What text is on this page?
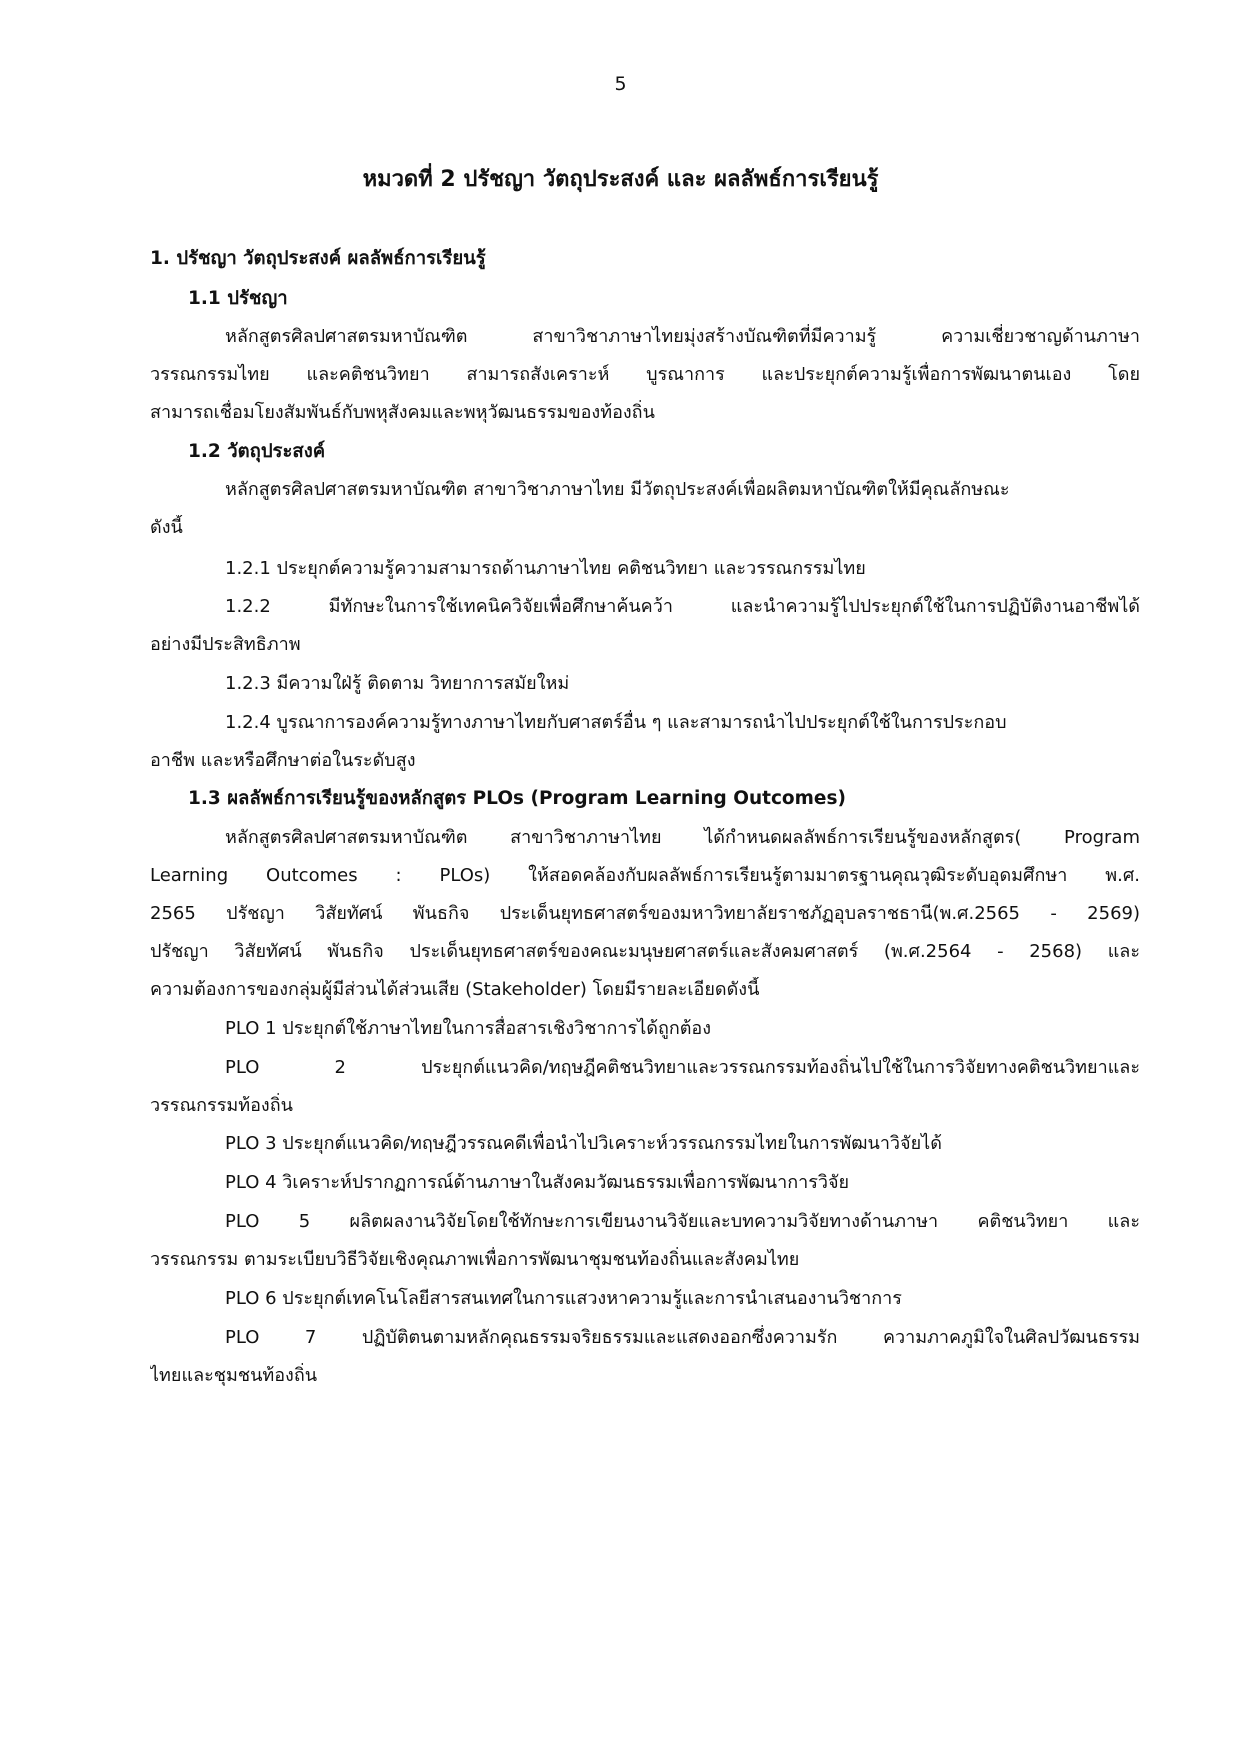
5
หมวดที่ 2 ปรัชญา วัตถุประสงค์ และ ผลลัพธ์การเรียนรู้
1. ปรัชญา วัตถุประสงค์ ผลลัพธ์การเรียนรู้
1.1 ปรัชญา
หลักสูตรศิลปศาสตรมหาบัณฑิต สาขาวิชาภาษาไทยมุ่งสร้างบัณฑิตที่มีความรู้ ความเชี่ยวชาญด้านภาษา
วรรณกรรมไทย และคติชนวิทยา สามารถสังเคราะห์ บูรณาการ และประยุกต์ความรู้เพื่อการพัฒนาตนเอง โดย
สามารถเชื่อมโยงสัมพันธ์กับพหุสังคมและพหุวัฒนธรรมของท้องถิ่น
1.2 วัตถุประสงค์
หลักสูตรศิลปศาสตรมหาบัณฑิต สาขาวิชาภาษาไทย มีวัตถุประสงค์เพื่อผลิตมหาบัณฑิตให้มีคุณลักษณะ
ดังนี้
1.2.1 ประยุกต์ความรู้ความสามารถด้านภาษาไทย คติชนวิทยา และวรรณกรรมไทย
1.2.2 มีทักษะในการใช้เทคนิควิจัยเพื่อศึกษาค้นคว้า และนำความรู้ไปประยุกต์ใช้ในการปฏิบัติงานอาชีพได้
อย่างมีประสิทธิภาพ
1.2.3 มีความใฝ่รู้ ติดตาม วิทยาการสมัยใหม่
1.2.4 บูรณาการองค์ความรู้ทางภาษาไทยกับศาสตร์อื่น ๆ และสามารถนำไปประยุกต์ใช้ในการประกอบ
อาชีพ และหรือศึกษาต่อในระดับสูง
1.3 ผลลัพธ์การเรียนรู้ของหลักสูตร PLOs (Program Learning Outcomes)
หลักสูตรศิลปศาสตรมหาบัณฑิต สาขาวิชาภาษาไทย ได้กำหนดผลลัพธ์การเรียนรู้ของหลักสูตร( Program
Learning Outcomes : PLOs) ให้สอดคล้องกับผลลัพธ์การเรียนรู้ตามมาตรฐานคุณวุฒิระดับอุดมศึกษา พ.ศ.
2565 ปรัชญา วิสัยทัศน์ พันธกิจ ประเด็นยุทธศาสตร์ของมหาวิทยาลัยราชภัฏอุบลราชธานี(พ.ศ.2565 - 2569)
ปรัชญา วิสัยทัศน์ พันธกิจ ประเด็นยุทธศาสตร์ของคณะมนุษยศาสตร์และสังคมศาสตร์ (พ.ศ.2564 - 2568) และ
ความต้องการของกลุ่มผู้มีส่วนได้ส่วนเสีย (Stakeholder) โดยมีรายละเอียดดังนี้
PLO 1 ประยุกต์ใช้ภาษาไทยในการสื่อสารเชิงวิชาการได้ถูกต้อง
PLO 2 ประยุกต์แนวคิด/ทฤษฎีคติชนวิทยาและวรรณกรรมท้องถิ่นไปใช้ในการวิจัยทางคติชนวิทยาและ
วรรณกรรมท้องถิ่น
PLO 3 ประยุกต์แนวคิด/ทฤษฎีวรรณคดีเพื่อนำไปวิเคราะห์วรรณกรรมไทยในการพัฒนาวิจัยได้
PLO 4 วิเคราะห์ปรากฏการณ์ด้านภาษาในสังคมวัฒนธรรมเพื่อการพัฒนาการวิจัย
PLO 5 ผลิตผลงานวิจัยโดยใช้ทักษะการเขียนงานวิจัยและบทความวิจัยทางด้านภาษา คติชนวิทยา และ
วรรณกรรม ตามระเบียบวิธีวิจัยเชิงคุณภาพเพื่อการพัฒนาชุมชนท้องถิ่นและสังคมไทย
PLO 6 ประยุกต์เทคโนโลยีสารสนเทศในการแสวงหาความรู้และการนำเสนองานวิชาการ
PLO 7 ปฏิบัติตนตามหลักคุณธรรมจริยธรรมและแสดงออกซึ่งความรัก ความภาคภูมิใจในศิลปวัฒนธรรม
ไทยและชุมชนท้องถิ่น
